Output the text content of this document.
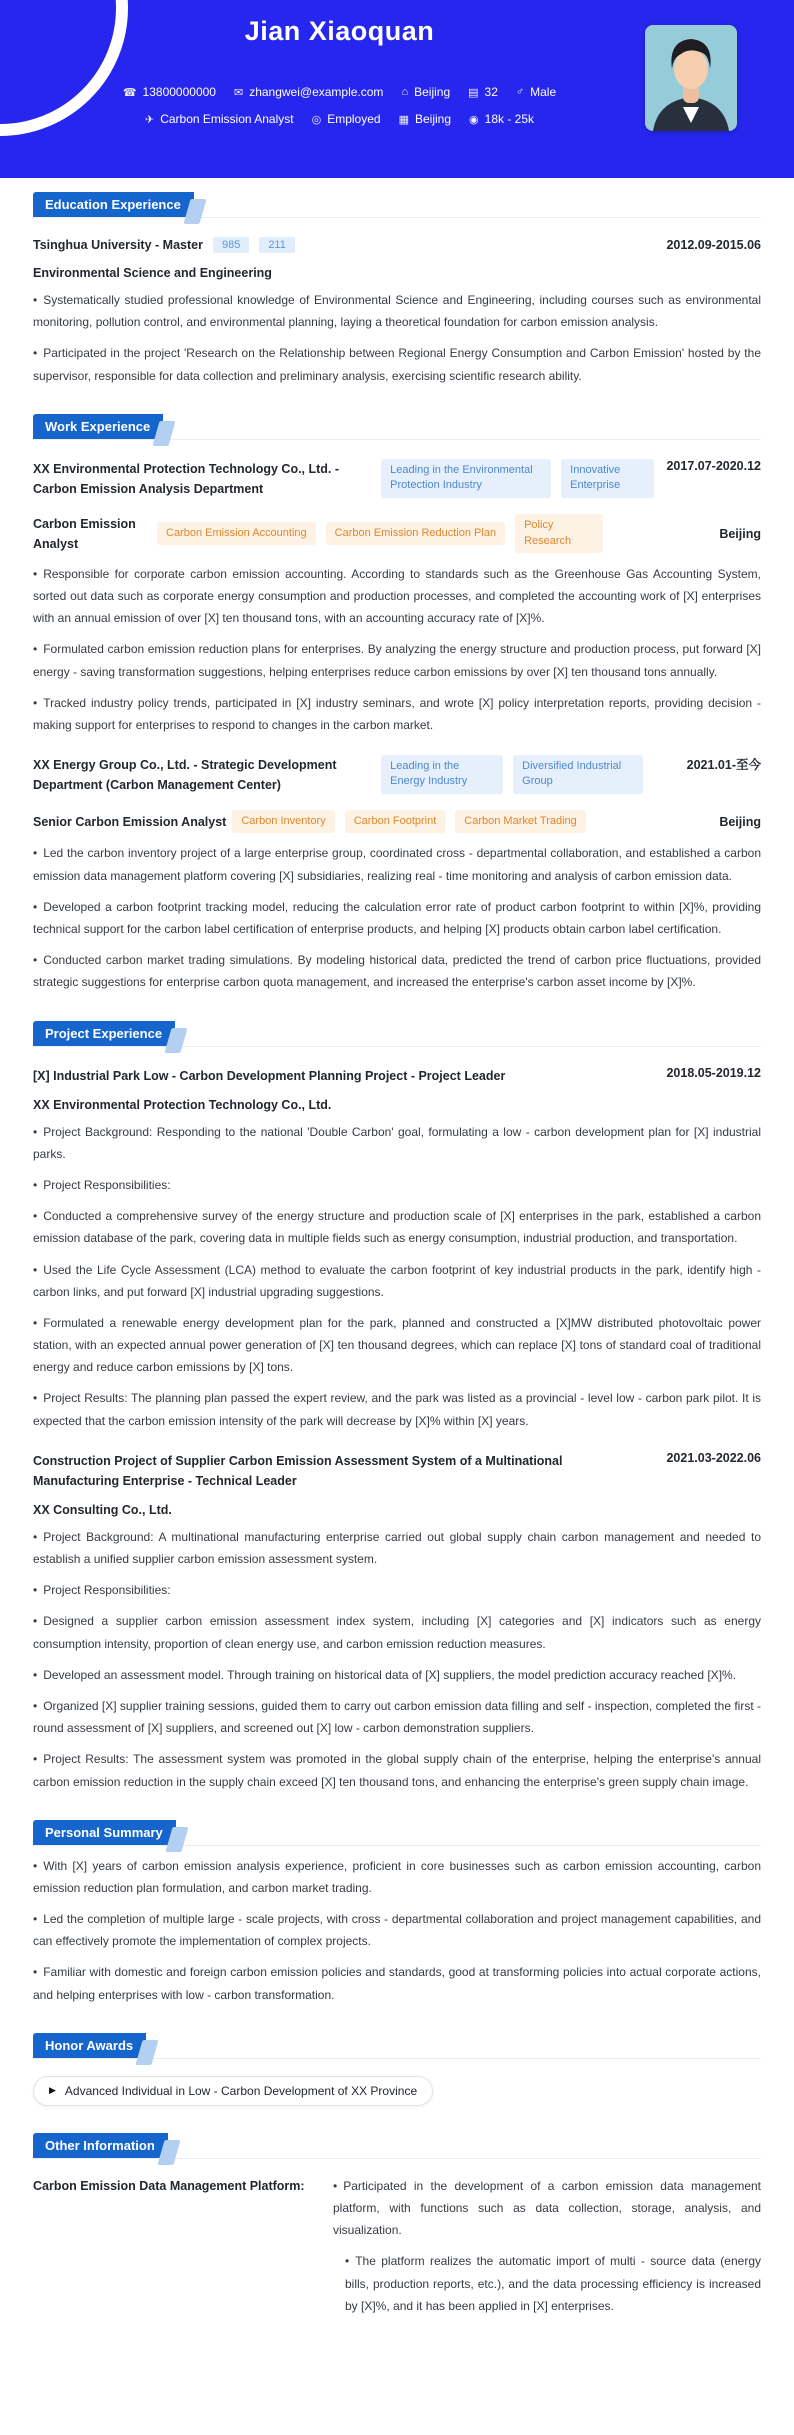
Jian Xiaoquan
☎ 13800000000 ✉ zhangwei@example.com ⌂ Beijing ▤ 32 ♂ Male
✈ Carbon Emission Analyst ◎ Employed ▦ Beijing ◉ 18k - 25k
Education Experience
Tsinghua University - Master	985	211	2012.09-2015.06
Environmental Science and Engineering
• Systematically studied professional knowledge of Environmental Science and Engineering, including courses such as environmental monitoring, pollution control, and environmental planning, laying a theoretical foundation for carbon emission analysis.
• Participated in the project 'Research on the Relationship between Regional Energy Consumption and Carbon Emission' hosted by the supervisor, responsible for data collection and preliminary analysis, exercising scientific research ability.
Work Experience
XX Environmental Protection Technology Co., Ltd. - Carbon Emission Analysis Department
Leading in the Environmental Protection Industry
Innovative Enterprise
2017.07-2020.12
Carbon Emission Analyst
Carbon Emission Accounting	Carbon Emission Reduction Plan
Policy Research	Beijing
• Responsible for corporate carbon emission accounting. According to standards such as the Greenhouse Gas Accounting System, sorted out data such as corporate energy consumption and production processes, and completed the accounting work of [X] enterprises with an annual emission of over [X] ten thousand tons, with an accounting accuracy rate of [X]%.
• Formulated carbon emission reduction plans for enterprises. By analyzing the energy structure and production process, put forward [X] energy - saving transformation suggestions, helping enterprises reduce carbon emissions by over [X] ten thousand tons annually.
• Tracked industry policy trends, participated in [X] industry seminars, and wrote [X] policy interpretation reports, providing decision - making support for enterprises to respond to changes in the carbon market.
XX Energy Group Co., Ltd. - Strategic Development Department (Carbon Management Center)
Leading in the Energy Industry
Diversified Industrial Group
2021.01-至今
Senior Carbon Emission Analyst	Carbon Inventory	Carbon Footprint	Carbon Market Trading	Beijing
• Led the carbon inventory project of a large enterprise group, coordinated cross - departmental collaboration, and established a carbon emission data management platform covering [X] subsidiaries, realizing real - time monitoring and analysis of carbon emission data.
• Developed a carbon footprint tracking model, reducing the calculation error rate of product carbon footprint to within [X]%, providing technical support for the carbon label certification of enterprise products, and helping [X] products obtain carbon label certification.
• Conducted carbon market trading simulations. By modeling historical data, predicted the trend of carbon price fluctuations, provided strategic suggestions for enterprise carbon quota management, and increased the enterprise's carbon asset income by [X]%.
Project Experience
[X] Industrial Park Low - Carbon Development Planning Project - Project Leader	2018.05-2019.12
XX Environmental Protection Technology Co., Ltd.
• Project Background: Responding to the national 'Double Carbon' goal, formulating a low - carbon development plan for [X] industrial parks.
• Project Responsibilities:
• Conducted a comprehensive survey of the energy structure and production scale of [X] enterprises in the park, established a carbon emission database of the park, covering data in multiple fields such as energy consumption, industrial production, and transportation.
• Used the Life Cycle Assessment (LCA) method to evaluate the carbon footprint of key industrial products in the park, identify high - carbon links, and put forward [X] industrial upgrading suggestions.
• Formulated a renewable energy development plan for the park, planned and constructed a [X]MW distributed photovoltaic power station, with an expected annual power generation of [X] ten thousand degrees, which can replace [X] tons of standard coal of traditional energy and reduce carbon emissions by [X] tons.
• Project Results: The planning plan passed the expert review, and the park was listed as a provincial - level low - carbon park pilot. It is expected that the carbon emission intensity of the park will decrease by [X]% within [X] years.
Construction Project of Supplier Carbon Emission Assessment System of a Multinational Manufacturing Enterprise - Technical Leader
2021.03-2022.06
XX Consulting Co., Ltd.
• Project Background: A multinational manufacturing enterprise carried out global supply chain carbon management and needed to establish a unified supplier carbon emission assessment system.
• Project Responsibilities:
• Designed a supplier carbon emission assessment index system, including [X] categories and [X] indicators such as energy consumption intensity, proportion of clean energy use, and carbon emission reduction measures.
• Developed an assessment model. Through training on historical data of [X] suppliers, the model prediction accuracy reached [X]%.
• Organized [X] supplier training sessions, guided them to carry out carbon emission data filling and self - inspection, completed the first - round assessment of [X] suppliers, and screened out [X] low - carbon demonstration suppliers.
• Project Results: The assessment system was promoted in the global supply chain of the enterprise, helping the enterprise's annual carbon emission reduction in the supply chain exceed [X] ten thousand tons, and enhancing the enterprise's green supply chain image.
Personal Summary
• With [X] years of carbon emission analysis experience, proficient in core businesses such as carbon emission accounting, carbon emission reduction plan formulation, and carbon market trading.
• Led the completion of multiple large - scale projects, with cross - departmental collaboration and project management capabilities, and can effectively promote the implementation of complex projects.
• Familiar with domestic and foreign carbon emission policies and standards, good at transforming policies into actual corporate actions, and helping enterprises with low - carbon transformation.
Honor Awards
▶ Advanced Individual in Low - Carbon Development of XX Province
Other Information
Carbon Emission Data Management Platform:	• Participated in the development of a carbon emission data management platform, with functions such as data collection, storage, analysis, and visualization.
• The platform realizes the automatic import of multi - source data (energy bills, production reports, etc.), and the data processing efficiency is increased by [X]%, and it has been applied in [X] enterprises.
